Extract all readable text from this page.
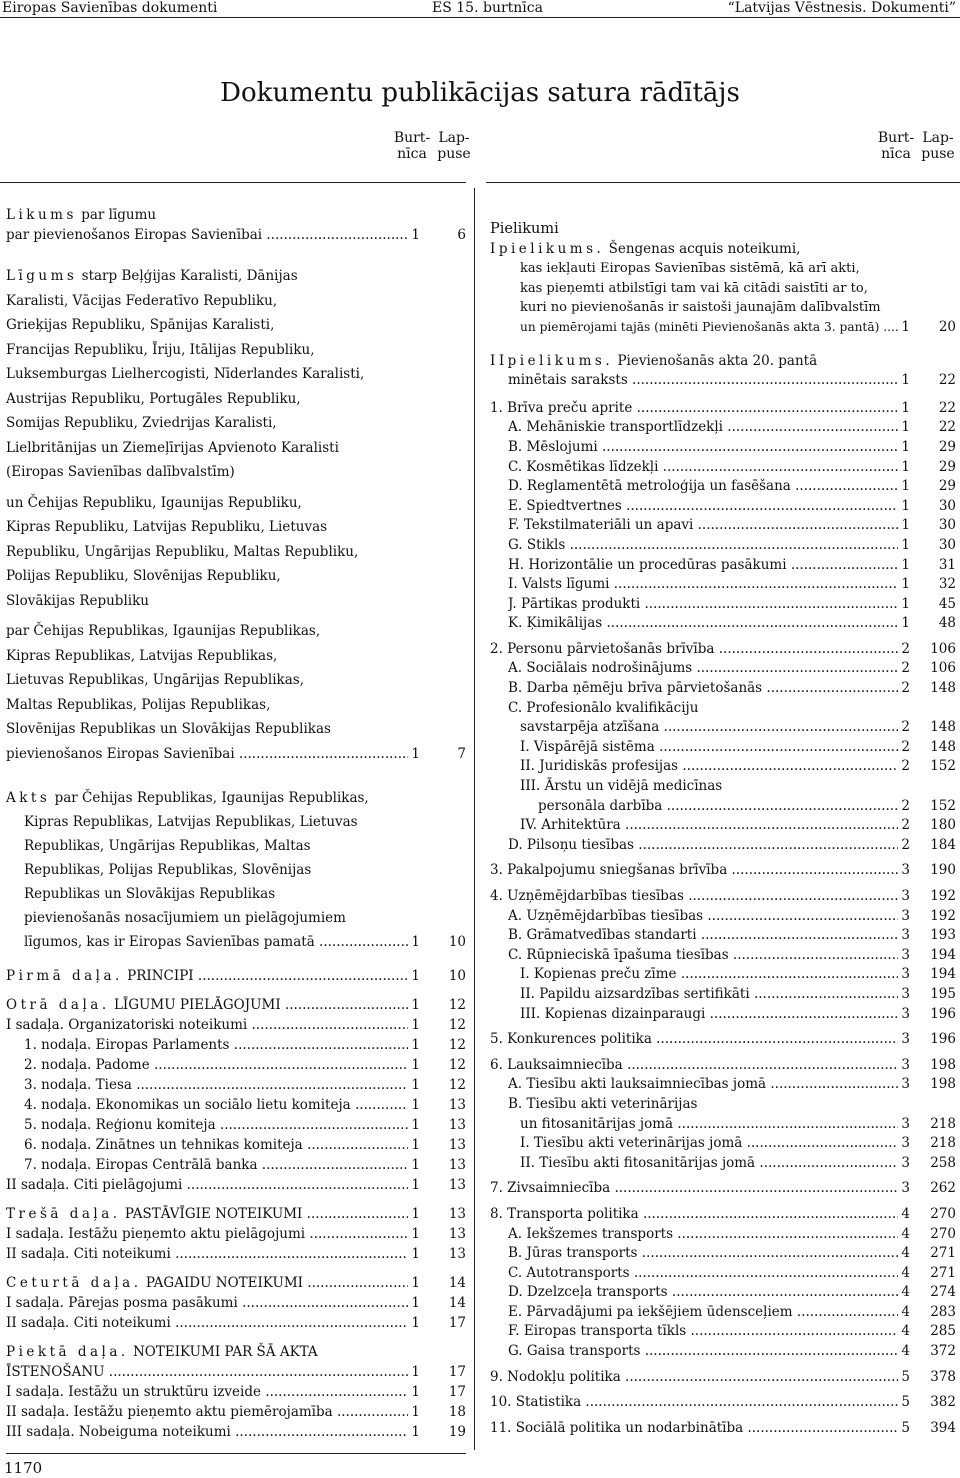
Eiropas Savienības dokumenti	ES 15. burtnīca	“Latvijas Vēstnesis. Dokumenti”
Dokumentu publikācijas satura rādītājs
Burt-
nīca
Lap-
puse
Burt-
nīca
Lap-
puse
Likums par līgumu
par pievienošanos Eiropas Savienībai .....	1	6
Līgums starp Beļģijas Karalisti, Dānijas
Karalisti, Vācijas Federatīvo Republiku,
Grieķijas Republiku, Spānijas Karalisti,
Francijas Republiku, Īriju, Itālijas Republiku,
Luksemburgas Lielhercogisti, Nīderlandes Karalisti,
Austrijas Republiku, Portugāles Republiku,
Somijas Republiku, Zviedrijas Karalisti,
Lielbritānijas un Ziemeļīrijas Apvienoto Karalisti
(Eiropas Savienības dalībvalstīm)
un Čehijas Republiku, Igaunijas Republiku,
Kipras Republiku, Latvijas Republiku, Lietuvas
Republiku, Ungārijas Republiku, Maltas Republiku,
Polijas Republiku, Slovēnijas Republiku,
Slovākijas Republiku
par Čehijas Republikas, Igaunijas Republikas,
Kipras Republikas, Latvijas Republikas,
Lietuvas Republikas, Ungārijas Republikas,
Maltas Republikas, Polijas Republikas,
Slovēnijas Republikas un Slovākijas Republikas
pievienošanos Eiropas Savienībai .....	1	7
Akts par Čehijas Republikas, Igaunijas Republikas,
Kipras Republikas, Latvijas Republikas, Lietuvas
Republikas, Ungārijas Republikas, Maltas
Republikas, Polijas Republikas, Slovēnijas
Republikas un Slovākijas Republikas
pievienošanās nosacījumiem un pielāgojumiem
līgumos, kas ir Eiropas Savienības pamatā .....	1	10
Pirmā daļa. PRINCIPI .....	1	10
Otrā daļa. LĪGUMU PIELĀGOJUMI .....	1	12
I sadaļa. Organizatoriski noteikumi .....	1	12
1. nodaļa. Eiropas Parlaments .....	1	12
2. nodaļa. Padome .....	1	12
3. nodaļa. Tiesa .....	1	12
4. nodaļa. Ekonomikas un sociālo lietu komiteja .....	1	13
5. nodaļa. Reģionu komiteja .....	1	13
6. nodaļa. Zinātnes un tehnikas komiteja .....	1	13
7. nodaļa. Eiropas Centrālā banka .....	1	13
II sadaļa. Citi pielāgojumi .....	1	13
Trešā daļa. PASTĀVĪGIE NOTEIKUMI .....	1	13
I sadaļa. Iestāžu pieņemto aktu pielāgojumi .....	1	13
II sadaļa. Citi noteikumi .....	1	13
Ceturtā daļa. PAGAIDU NOTEIKUMI .....	1	14
I sadaļa. Pārejas posma pasākumi .....	1	14
II sadaļa. Citi noteikumi .....	1	17
Piektā daļa. NOTEIKUMI PAR ŠĀ AKTA
ĪSTENOŠANU .....	1	17
I sadaļa. Iestāžu un struktūru izveide .....	1	17
II sadaļa. Iestāžu pieņemto aktu piemērojamība .....	1	18
III sadaļa. Nobeiguma noteikumi .....	1	19
Pielikumi
Ipielikums. Šengenas acquis noteikumi,
kas iekļauti Eiropas Savienības sistēmā, kā arī akti,
kas pieņemti atbilstīgi tam vai kā citādi saistīti ar to,
kuri no pievienošanās ir saistoši jaunajām dalībvalstīm
un piemērojami tajās (minēti Pievienošanās akta 3. pantā) .....	1	20
IIpielikums. Pievienošanās akta 20. pantā
minētais saraksts .....	1	22
1. Brīva preču aprite .....	1	22
A. Mehāniskie transportlīdzekļi .....	1	22
B. Mēslojumi .....	1	29
C. Kosmētikas līdzekļi .....	1	29
D. Reglamentētā metroloģija un fasēšana .....	1	29
E. Spiedtvertnes .....	1	30
F. Tekstilmateriāli un apavi .....	1	30
G. Stikls .....	1	30
H. Horizontālie un procedūras pasākumi .....	1	31
I. Valsts līgumi .....	1	32
J. Pārtikas produkti .....	1	45
K. Ķimikālijas .....	1	48
2. Personu pārvietošanās brīvība .....	2	106
A. Sociālais nodrošinājums .....	2	106
B. Darba ņēmēju brīva pārvietošanās .....	2	148
C. Profesionālo kvalifikāciju
savstarpēja atzīšana .....	2	148
I. Vispārējā sistēma .....	2	148
II. Juridiskās profesijas .....	2	152
III. Ārstu un vidējā medicīnas
personāla darbība .....	2	152
IV. Arhitektūra .....	2	180
D. Pilsoņu tiesības .....	2	184
3. Pakalpojumu sniegšanas brīvība .....	3	190
4. Uzņēmējdarbības tiesības .....	3	192
A. Uzņēmējdarbības tiesības .....	3	192
B. Grāmatvedības standarti .....	3	193
C. Rūpnieciskā īpašuma tiesības .....	3	194
I. Kopienas preču zīme .....	3	194
II. Papildu aizsardzības sertifikāti .....	3	195
III. Kopienas dizainparaugi .....	3	196
5. Konkurences politika .....	3	196
6. Lauksaimniecība .....	3	198
A. Tiesību akti lauksaimniecības jomā .....	3	198
B. Tiesību akti veterinārijas
un fitosanitārijas jomā .....	3	218
I. Tiesību akti veterinārijas jomā .....	3	218
II. Tiesību akti fitosanitārijas jomā .....	3	258
7. Zivsaimniecība .....	3	262
8. Transporta politika .....	4	270
A. Iekšzemes transports .....	4	270
B. Jūras transports .....	4	271
C. Autotransports .....	4	271
D. Dzelzceļa transports .....	4	274
E. Pārvadājumi pa iekšējiem ūdensceļiem .....	4	283
F. Eiropas transporta tīkls .....	4	285
G. Gaisa transports .....	4	372
9. Nodokļu politika .....	5	378
10. Statistika .....	5	382
11. Sociālā politika un nodarbinātība .....	5	394
1170
